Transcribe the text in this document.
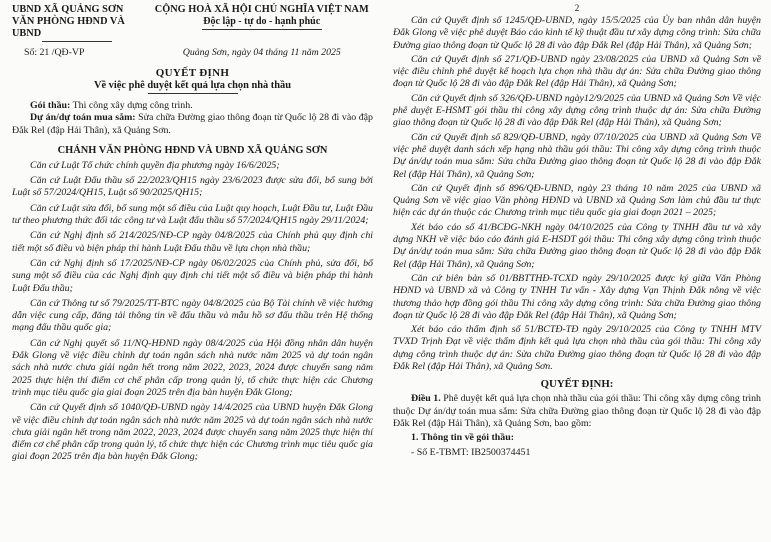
UBND XÃ QUẢNG SƠN
VĂN PHÒNG HĐND VÀ UBND
CỘNG HOÀ XÃ HỘI CHỦ NGHĨA VIỆT NAM
Độc lập - tự do - hạnh phúc
Số: 21 /QĐ-VP	Quảng Sơn, ngày 04 tháng 11 năm 2025
QUYẾT ĐỊNH
Về việc phê duyệt kết quả lựa chọn nhà thầu
Gói thầu: Thi công xây dựng công trình.
Dự án/dự toán mua sắm: Sửa chữa Đường giao thông đoạn từ Quốc lộ 28 đi vào đập Đắk Rel (đập Hải Thân), xã Quảng Sơn.
CHÁNH VĂN PHÒNG HĐND VÀ UBND XÃ QUẢNG SƠN
Căn cứ Luật Tổ chức chính quyền địa phương ngày 16/6/2025;
Căn cứ Luật Đấu thầu số 22/2023/QH15 ngày 23/6/2023 được sửa đổi, bổ sung bởi Luật số 57/2024/QH15, Luật số 90/2025/QH15;
Căn cứ Luật sửa đổi, bổ sung một số điều của Luật quy hoạch, Luật Đầu tư, Luật Đầu tư theo phương thức đối tác công tư và Luật đấu thầu số 57/2024/QH15 ngày 29/11/2024;
Căn cứ Nghị định số 214/2025/NĐ-CP ngày 04/8/2025 của Chính phủ quy định chi tiết một số điều và biện pháp thi hành Luật Đấu thầu về lựa chọn nhà thầu;
Căn cứ Nghị định số 17/2025/NĐ-CP ngày 06/02/2025 của Chính phủ, sửa đổi, bổ sung một số điều của các Nghị định quy định chi tiết một số điều và biện pháp thi hành Luật Đấu thầu;
Căn cứ Thông tư số 79/2025/TT-BTC ngày 04/8/2025 của Bộ Tài chính về việc hướng dẫn việc cung cấp, đăng tải thông tin về đấu thầu và mẫu hồ sơ đấu thầu trên Hệ thống mạng đấu thầu quốc gia;
Căn cứ Nghị quyết số 11/NQ-HĐND ngày 08/4/2025 của Hội đồng nhân dân huyện Đắk Glong về việc điều chỉnh dự toán ngân sách nhà nước năm 2025 và dự toán ngân sách nhà nước chưa giải ngân hết trong năm 2022, 2023, 2024 được chuyển sang năm 2025 thực hiện thí điểm cơ chế phân cấp trong quản lý, tổ chức thực hiện các Chương trình mục tiêu quốc gia giai đoạn 2025 trên địa bàn huyện Đắk Glong;
Căn cứ Quyết định số 1040/QĐ-UBND ngày 14/4/2025 của UBND huyện Đắk Glong về việc điều chỉnh dự toán ngân sách nhà nước năm 2025 và dự toán ngân sách nhà nước chưa giải ngân hết trong năm 2022, 2023, 2024 được chuyển sang năm 2025 thực hiện thí điểm cơ chế phân cấp trong quản lý, tổ chức thực hiện các Chương trình mục tiêu quốc gia giai đoạn 2025 trên địa bàn huyện Đắk Glong;
2
Căn cứ Quyết định số 1245/QĐ-UBND, ngày 15/5/2025 của Ủy ban nhân dân huyện Đắk Glong về việc phê duyệt Báo cáo kinh tế kỹ thuật đầu tư xây dựng công trình: Sửa chữa Đường giao thông đoạn từ Quốc lộ 28 đi vào đập Đắk Rel (đập Hải Thân), xã Quảng Sơn;
Căn cứ Quyết định số 271/QĐ-UBND ngày 23/08/2025 của UBND xã Quảng Sơn về việc điều chỉnh phê duyệt kế hoạch lựa chọn nhà thầu dự án: Sửa chữa Đường giao thông đoạn từ Quốc lộ 28 đi vào đập Đắk Rel (đập Hải Thân), xã Quảng Sơn;
Căn cứ Quyết định số 326/QĐ-UBND ngày12/9/2025 của UBND xã Quảng Sơn Về việc phê duyệt E-HSMT gói thầu thi công xây dựng công trình thuộc dự án: Sửa chữa Đường giao thông đoạn từ Quốc lộ 28 đi vào đập Đắk Rel (đập Hải Thân), xã Quảng Sơn;
Căn cứ Quyết định số 829/QĐ-UBND, ngày 07/10/2025 của UBND xã Quảng Sơn Về việc phê duyệt danh sách xếp hạng nhà thầu gói thầu: Thi công xây dựng công trình thuộc Dự án/dự toán mua sắm: Sửa chữa Đường giao thông đoạn từ Quốc lộ 28 đi vào đập Đắk Rel (đập Hải Thân), xã Quảng Sơn;
Căn cứ Quyết định số 896/QĐ-UBND, ngày 23 tháng 10 năm 2025 của UBND xã Quảng Sơn về việc giao Văn phòng HĐND và UBND xã Quảng Sơn làm chủ đầu tư thực hiện các dự án thuộc các Chương trình mục tiêu quốc gia giai đoạn 2021 – 2025;
Xét báo cáo số 41/BCĐG-NKH ngày 04/10/2025 của Công ty TNHH đầu tư và xây dựng NKH về việc báo cáo đánh giá E-HSDT gói thầu: Thi công xây dựng công trình thuộc Dự án/dự toán mua sắm: Sửa chữa Đường giao thông đoạn từ Quốc lộ 28 đi vào đập Đắk Rel (đập Hải Thân), xã Quảng Sơn;
Căn cứ biên bản số 01/BBTTHĐ-TCXD ngày 29/10/2025 được ký giữa Văn Phòng HĐND và UBND xã và Công ty TNHH Tư vấn - Xây dựng Vạn Thịnh Đắk nông về việc thương thảo hợp đồng gói thầu Thi công xây dựng công trình: Sửa chữa Đường giao thông đoạn từ Quốc lộ 28 đi vào đập Đắk Rel (đập Hải Thân), xã Quảng Sơn;
Xét báo cáo thẩm định số 51/BCTĐ-TĐ ngày 29/10/2025 của Công ty TNHH MTV TVXD Trịnh Đạt về việc thẩm định kết quả lựa chọn nhà thầu của gói thầu: Thi công xây dựng công trình thuộc dự án: Sửa chữa Đường giao thông đoạn từ Quốc lộ 28 đi vào đập Đắk Rel (đập Hải Thân), xã Quảng Sơn.
QUYẾT ĐỊNH:
Điều 1. Phê duyệt kết quả lựa chọn nhà thầu của gói thầu: Thi công xây dựng công trình thuộc Dự án/dự toán mua sắm: Sửa chữa Đường giao thông đoạn từ Quốc lộ 28 đi vào đập Đắk Rel (đập Hải Thân), xã Quảng Sơn, bao gồm:
1. Thông tin về gói thầu:
- Số E-TBMT: IB2500374451
